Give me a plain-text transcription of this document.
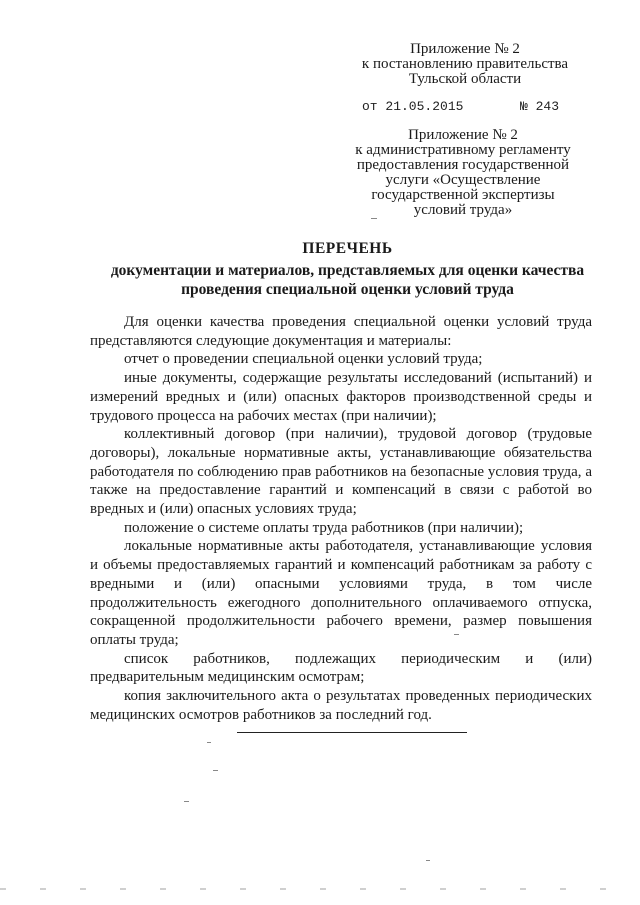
Приложение № 2
к постановлению правительства
Тульской области
от 21.05.2015	№ 243
Приложение № 2
к административному регламенту
предоставления государственной
услуги «Осуществление
государственной экспертизы
условий труда»
ПЕРЕЧЕНЬ
документации и материалов, представляемых для оценки качества
проведения специальной оценки условий труда

Для оценки качества проведения специальной оценки условий труда представляются следующие документация и материалы:

отчет о проведении специальной оценки условий труда;

иные документы, содержащие результаты исследований (испытаний) и измерений вредных и (или) опасных факторов производственной среды и трудового процесса на рабочих местах (при наличии);

коллективный договор (при наличии), трудовой договор (трудовые договоры), локальные нормативные акты, устанавливающие обязательства работодателя по соблюдению прав работников на безопасные условия труда, а также на предоставление гарантий и компенсаций в связи с работой во вредных и (или) опасных условиях труда;

положение о системе оплаты труда работников (при наличии);

локальные нормативные акты работодателя, устанавливающие условия и объемы предоставляемых гарантий и компенсаций работникам за работу с вредными и (или) опасными условиями труда, в том числе продолжительность ежегодного дополнительного оплачиваемого отпуска, сокращенной продолжительности рабочего времени, размер повышения оплаты труда;

список работников, подлежащих периодическим и (или) предварительным медицинским осмотрам;

копия заключительного акта о результатах проведенных периодических медицинских осмотров работников за последний год.
